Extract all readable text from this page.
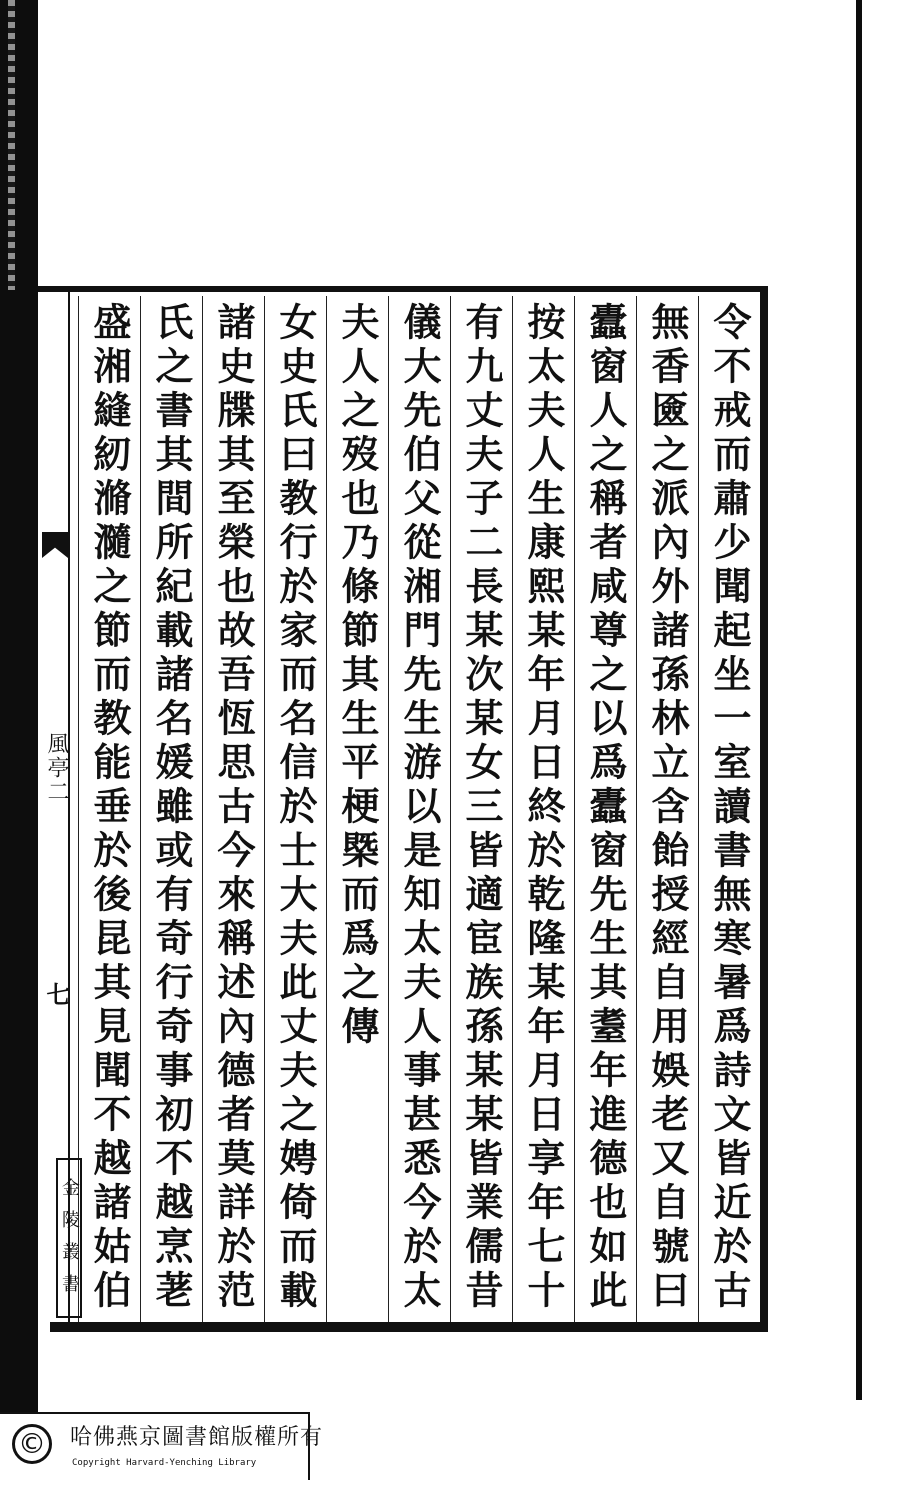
風亭二
七	令不戒而肅少聞起坐一室讀書無寒暑爲詩文皆近於古
無香匳之派內外諸孫林立含飴授經自用娛老又自號曰
蠹窗人之稱者咸尊之以爲蠹窗先生其耋年進德也如此
按太夫人生康熙某年月日終於乾隆某年月日享年七十
有九丈夫子二長某次某女三皆適宦族孫某某皆業儒昔
儀大先伯父從湘門先生游以是知太夫人事甚悉今於太
夫人之歿也乃條節其生平梗槩而爲之傳
女史氏曰教行於家而名信於士大夫此丈夫之娉倚而載
諸史牒其至榮也故吾恆思古今來稱述內德者莫詳於范
氏之書其間所紀載諸名媛雖或有奇行奇事初不越烹荖
盛湘縫紉滫瀡之節而教能垂於後昆其見聞不越諸姑伯
金陵叢書
© 哈佛燕京圖書館版權所有
Copyright Harvard-Yenching Library
